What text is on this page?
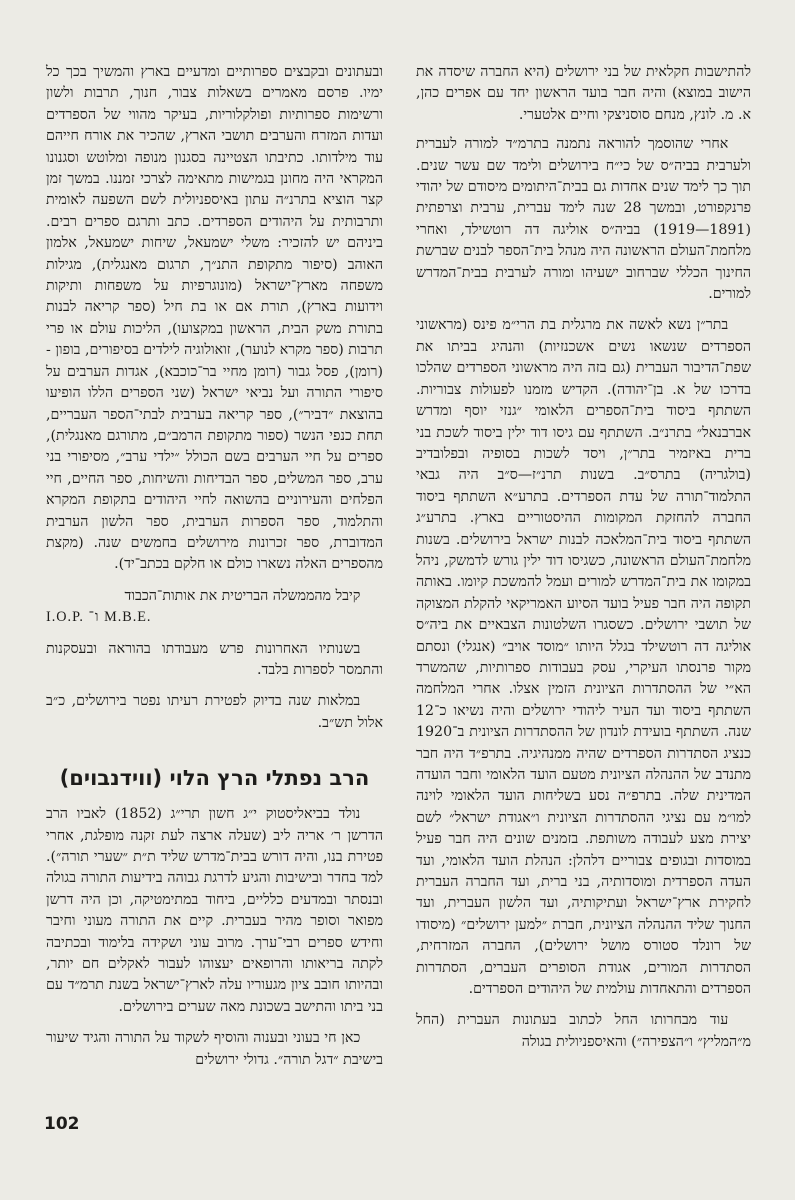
להתישבות חקלאית של בני ירושלים (היא החברה שיסדה את הישוב במוצא) והיה חבר בועד הראשון יחד עם אפרים כהן, א. מ. לונץ, מנחם סוסניצקי וחיים אלטערי.

אחרי שהוסמך להוראה נתמנה בתרמ״ד למורה לעברית ולערבית בביה״ס של כי״ח בירושלים ולימד שם עשר שנים. תוך כך לימד שנים אחדות גם בבית־היתומים מיסודם של יהודי פרנקפורט, ובמשך 28 שנה לימד עברית, ערבית וצרפתית (1891—1919) בביה״ס אוליגה דה רוטשילד, ואחרי מלחמת־העולם הראשונה היה מנהל בית־הספר לבנים שברשת החינוך הכללי שברחוב ישעיהו ומורה לערבית בבית־המדרש למורים.

בתר״ן נשא לאשה את מרגלית בת הרי״מ פינס (מראשוני הספרדים שנשאו נשים אשכנזיות) והנהיג בביתו את שפת־הדיבור העברית (גם בזה היה מראשוני הספרדים שהלכו בדרכו של א. בן־יהודה). הקדיש מזמנו לפעולות צבוריות. השתתף ביסוד בית־הספרים הלאומי ״גנזי יוסף ומדרש אברבנאל״ בתרנ״ב. השתתף עם גיסו דוד ילין ביסוד לשכת בני ברית באיזמיר בתר״ן, ויסד לשכות בסופיה ובפלובדיב (בולגריה) בתרס״ב. בשנות תרנ״ז—ס״ב היה גבאי התלמוד־תורה של עדת הספרדים. בתרע״א השתתף ביסוד החברה להחזקת המקומות ההיסטוריים בארץ. בתרע״ג השתתף ביסוד בית־המלאכה לבנות ישראל בירושלים. בשנות מלחמת־העולם הראשונה, כשגיסו דוד ילין גורש לדמשק, ניהל במקומו את בית־המדרש למורים ועמל להמשכת קיומו. באותה תקופה היה חבר פעיל בועד הסיוע האמריקאי להקלת המצוקה של תושבי ירושלים. כשסגרו השלטונות הצבאיים את ביה״ס אוליגה דה רוטשילד בגלל היותו ״מוסד אויב״ (אנגלי) ונסתם מקור פרנסתו העיקרי, עסק בעבודות ספרותיות, שהמשרד הא״י של ההסתדרות הציונית הזמין אצלו. אחרי המלחמה השתתף ביסוד ועד העיר ליהודי ירושלים והיה נשיאו כ־12 שנה. השתתף בועידת לונדון של ההסתדרות הציונית ב־1920 כנציג הסתדרות הספרדים שהיה ממנהיגיה. בתרפ״ד היה חבר מתנדב של ההנהלה הציונית מטעם הועד הלאומי וחבר הועדה המדינית שלה. בתרפ״ה נסע בשליחות הועד הלאומי לוינה למו״מ עם נציגי ההסתדרות הציונית ו״אגודת ישראל״ לשם יצירת מצע לעבודה משותפת. בזמנים שונים היה חבר פעיל במוסדות ובגופים צבוריים דלהלן: הנהלת הועד הלאומי, ועד העדה הספרדית ומוסדותיה, בני ברית, ועד החברה העברית לחקירת ארץ־ישראל ועתיקותיה, ועד הלשון העברית, ועד החנוך שליד ההנהלה הציונית, חברת ״למען ירושלים״ (מיסודו של רונלד סטורס מושל ירושלים), החברה המזרחית, הסתדרות המורים, אגודת הסופרים העברים, הסתדרות הספרדים והתאחדות עולמית של היהודים הספרדים.

עוד מבחרותו החל לכתוב בעתונות העברית (החל מ״המליץ״ ו״הצפירה״) והאיספניולית בגולה

ובעתונים ובקבצים ספרותיים ומדעיים בארץ והמשיך בכך כל ימיו. פרסם מאמרים בשאלות צבור, חנוך, תרבות ולשון ורשימות ספרותיות ופולקלוריות, בעיקר מהווי של הספרדים ועדות המזרח והערבים תושבי הארץ, שהכיר את אורח חייהם עוד מילדותו. כתיבתו הצטיינה בסגנון מנופה ומלוטש וסגנונו המקראי היה מחונן בגמישות מתאימה לצרכי זמננו. במשך זמן קצר הוציא בתרנ״ה עתון באיספניולית לשם השפעה לאומית ותרבותית על היהודים הספרדים. כתב ותרגם ספרים רבים. ביניהם יש להזכיר: משלי ישמעאל, שיחות ישמעאל, אלמון האוהב (סיפור מתקופת התנ״ך, תרגום מאנגלית), מגילות משפחה מארץ־ישראל (מונוגרפיות על משפחות ותיקות וידועות בארץ), תורת אם או בת חיל (ספר קריאה לבנות בתורת משק הבית, הראשון במקצועו), הליכות עולם או פרי תרבות (ספר מקרא לנוער), זואולוגיה לילדים בסיפורים, בופון - (רומן), פסל גבור (רומן מחיי בר־כוכבא), אגדות הערבים על סיפורי התורה ועל נביאי ישראל (שני הספרים הללו הופיעו בהוצאת ״דביר״), ספר קריאה בערבית לבתי־הספר העבריים, תחת כנפי הנשר (ספור מתקופת הרמב״ם, מתורגם מאנגלית), ספרים על חיי הערבים בשם הכולל ״ילדי ערב״, מסיפורי בני ערב, ספר המשלים, ספר הבדיחות והשיחות, ספר החיים, חיי הפלחים והעירוניים בהשואה לחיי היהודים בתקופת המקרא והתלמוד, ספר הספרות הערבית, ספר הלשון הערבית המדוברת, ספר זכרונות מירושלים בחמשים שנה. (מקצת מהספרים האלה נשארו כולם או חלקם בכתב־יד).

קיבל מהממשלה הבריטית את אותות־הכבוד

I.O.P. ו־ M.B.E.

בשנותיו האחרונות פרש מעבודתו בהוראה ובעסקנות והתמסר לספרות בלבד.

במלאות שנה בדיוק לפטירת רעיתו נפטר בירושלים, כ״ב אלול תש״ב.

הרב נפתלי הרץ הלוי (ווידנבוים)

נולד בביאליסטוק י״ג חשון תרי״ג (1852) לאביו הרב הדרשן ר׳ אריה ליב (שעלה ארצה לעת זקנה מופלגת, אחרי פטירת בנו, והיה דורש בבית־מדרש שליד ת״ת ״שערי תורה״). למד בחדר ובישיבות והגיע לדרגת גבוהה בידיעות התורה בגולה ובנסתר ובמדעים כלליים, ביחוד במתימטיקה, וכן היה דרשן מפואר וסופר מהיר בעברית. קיים את התורה מעוני וחיבר וחידש ספרים רבי־ערך. מרוב עוני ושקידה בלימוד ובכתיבה לקתה בריאותו והרופאים יעצוהו לעבור לאקלים חם יותר, ובהיותו חובב ציון מגעוריו עלה לארץ־ישראל בשנת תרמ״ד עם בני ביתו והתישב בשכונת מאה שערים בירושלים.

כאן חי בעוני ובענוה והוסיף לשקוד על התורה והגיד שיעור בישיבת ״דגל תורה״. גדולי ירושלים

102
